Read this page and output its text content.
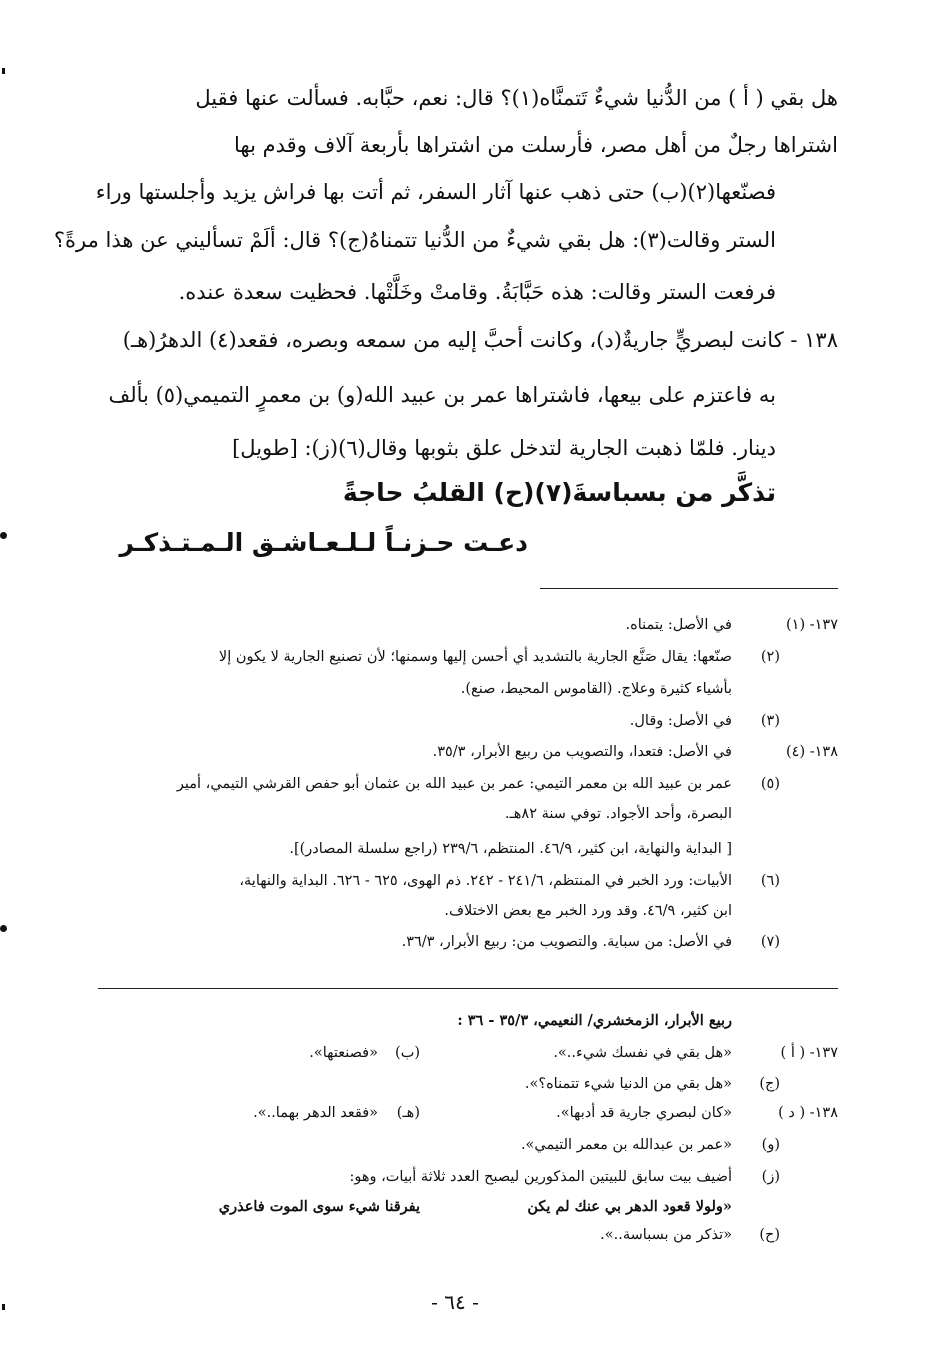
هل بقي ( أ ) من الدُّنيا شيءٌ تَتمنَّاه(١)؟ قال: نعم، حبَّابه. فسألت عنها فقيل
اشتراها رجلٌ من أهل مصر، فأرسلت من اشتراها بأربعة آلاف وقدم بها
فصنّعها(٢)(ب) حتى ذهب عنها آثار السفر، ثم أتت بها فراش يزيد وأجلستها وراء
الستر وقالت(٣): هل بقي شيءٌ من الدُّنيا تتمناهُ(ج)؟ قال: ألَمْ تسأليني عن هذا مرةً؟
فرفعت الستر وقالت: هذه حَبَّابَةُ. وقامتْ وخَلَّتْها. فحظيت سعدة عنده.
١٣٨ - كانت لبصريٍّ جاريةٌ(د)، وكانت أحبَّ إليه من سمعه وبصره، فقعد(٤) الدهرُ(هـ)
به فاعتزم على بيعها، فاشتراها عمر بن عبيد الله(و) بن معمرٍ التميمي(٥) بألف
دينار. فلمّا ذهبت الجارية لتدخل علق بثوبها وقال(٦)(ز): [طويل]
تذكَّر من بسباسةَ(٧)(ح) القلبُ حاجةً
دعـت حـزنـاً لـلـعـاشـق الـمـتـذكـر
١٣٧- (١)
في الأصل: يتمناه.
(٢)
صنّعها: يقال صَنَّع الجارية بالتشديد أي أحسن إليها وسمنها؛ لأن تصنيع الجارية لا يكون إلا
بأشياء كثيرة وعلاج. (القاموس المحيط، صنع).
(٣)
في الأصل: وقال.
١٣٨- (٤)
في الأصل: فتعدا، والتصويب من ربيع الأبرار، ٣٥/٣.
(٥)
عمر بن عبيد الله بن معمر التيمي: عمر بن عبيد الله بن عثمان أبو حفص القرشي التيمي، أمير
البصرة، وأحد الأجواد. توفي سنة ٨٢هـ.
[ البداية والنهاية، ابن كثير، ٤٦/٩. المنتظم، ٢٣٩/٦ (راجع سلسلة المصادر)].
(٦)
الأبيات: ورد الخبر في المنتظم، ٢٤١/٦ - ٢٤٢. ذم الهوى، ٦٢٥ - ٦٢٦. البداية والنهاية،
ابن كثير، ٤٦/٩. وقد ورد الخبر مع بعض الاختلاف.
(٧)
في الأصل: من سباية. والتصويب من: ربيع الأبرار، ٣٦/٣.
ربيع الأبرار، الزمخشري/ النعيمي، ٣٥/٣ - ٣٦ :
١٣٧- ( أ )
«هل بقي في نفسك شيء..».
(ب)
«فصنعتها».
(ج)
«هل بقي من الدنيا شيء تتمناه؟».
١٣٨- ( د )
«كان لبصري جارية قد أدبها».
(هـ)
«فقعد الدهر بهما..».
(و)
«عمر بن عبدالله بن معمر التيمي».
(ز)
أضيف بيت سابق للبيتين المذكورين ليصبح العدد ثلاثة أبيات، وهو:
«ولولا قعود الدهر بي عنك لم يكن
يفرقنا شيء سوى الموت فاعذري
(ح)
«تذكر من بسباسة..».
- ٦٤ -
